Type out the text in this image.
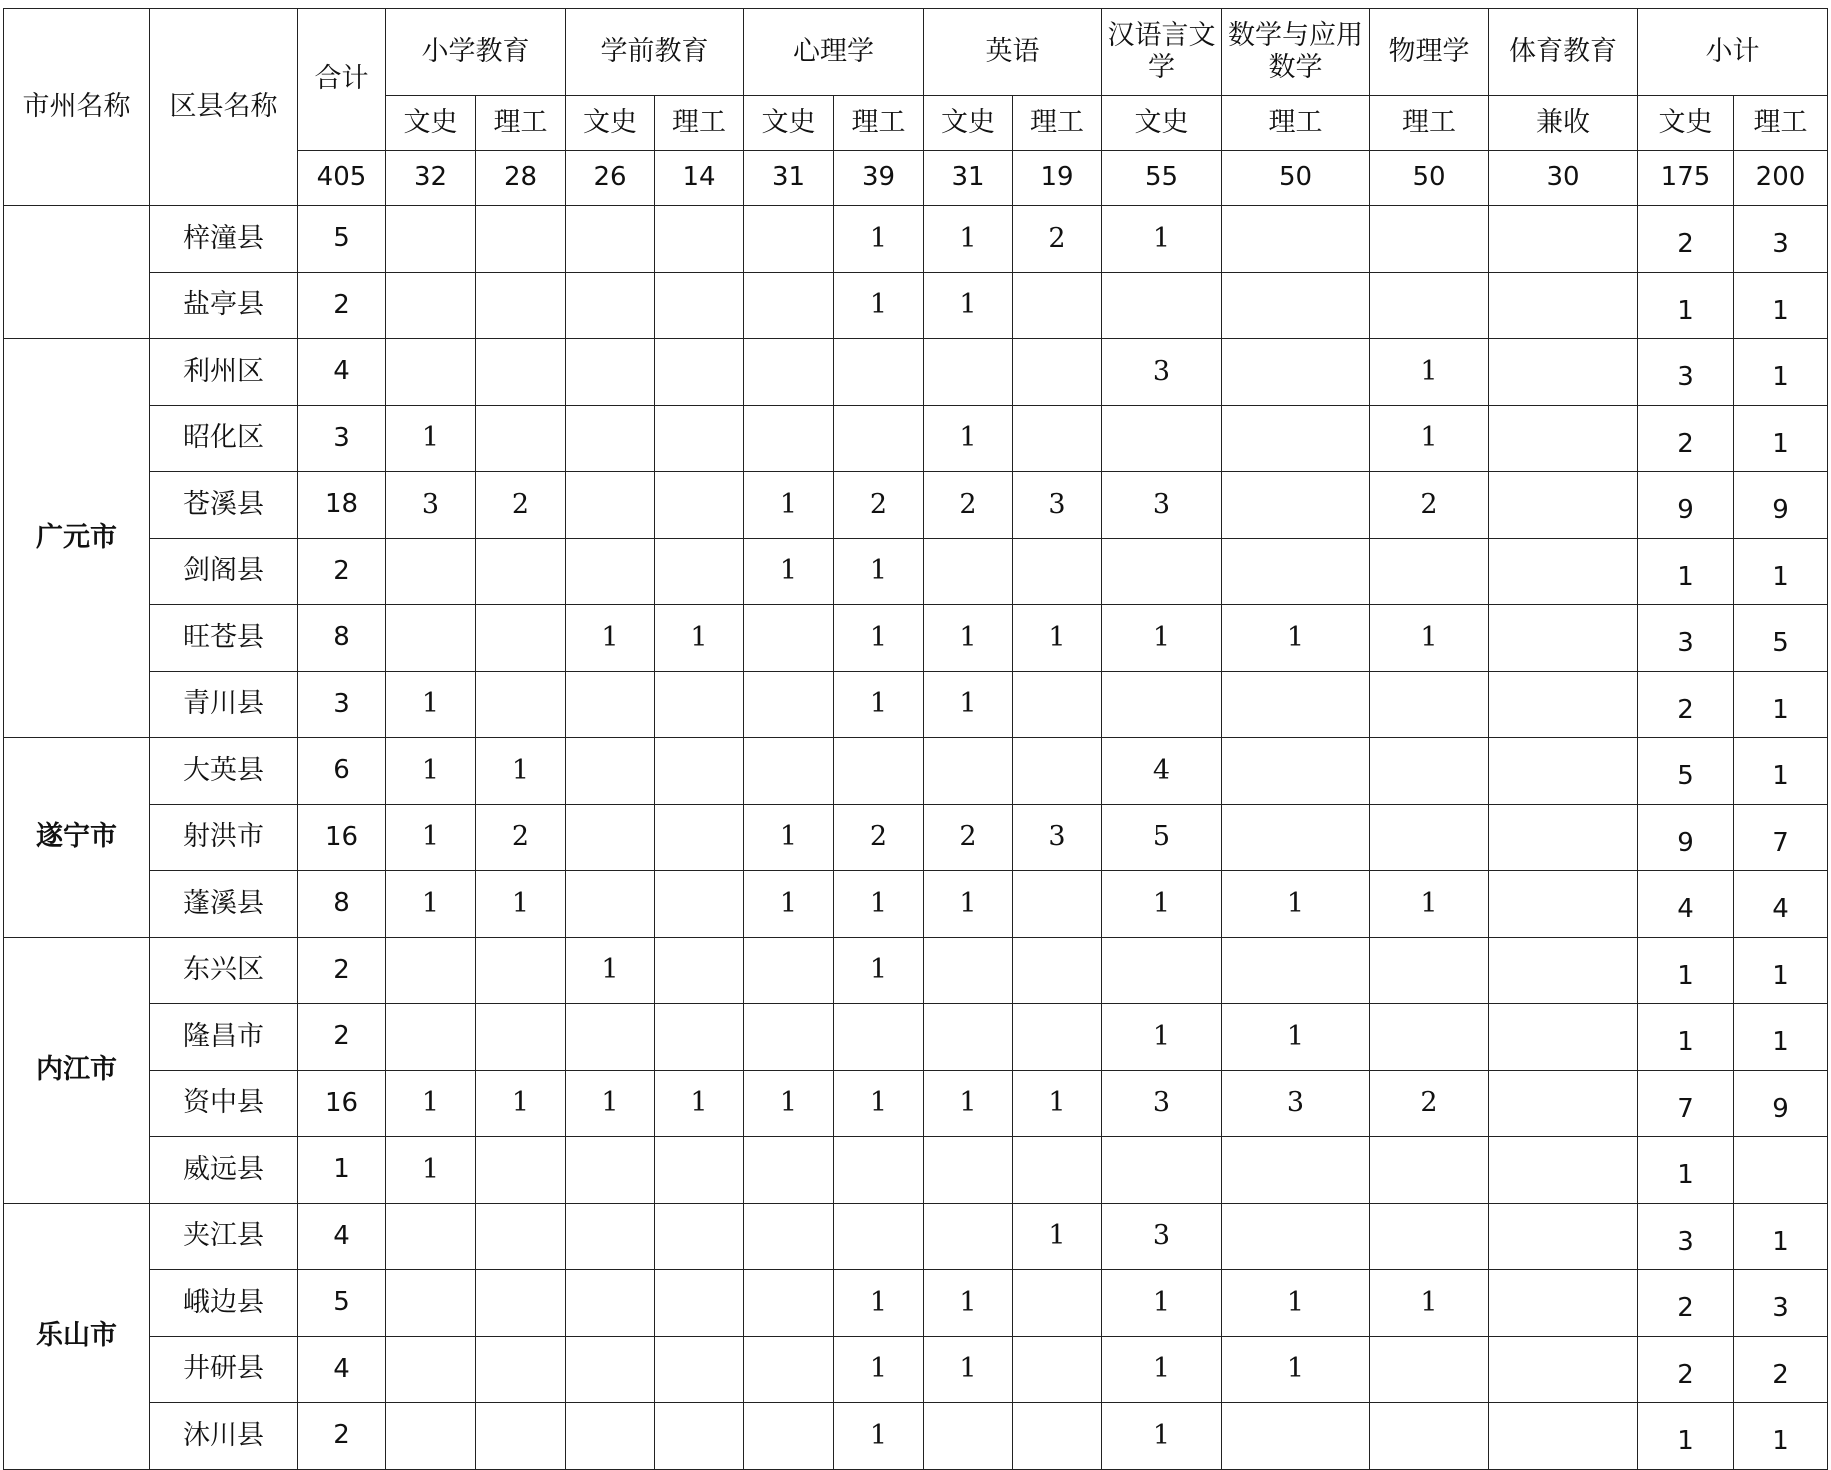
市州名称	区县名称	合计	小学教育		学前教育		心理学		英语		汉语言文学	数学与应用数学	物理学	体育教育	小计	
			文史	理工	文史	理工	文史	理工	文史	理工	文史	理工	理工	兼收	文史	理工
		405	32	28	26	14	31	39	31	19	55	50	50	30	175	200
	梓潼县	5						1	1	2	1				2	3
	盐亭县	2						1	1						1	1
广元市	利州区	4									3		1		3	1
	昭化区	3	1						1				1		2	1
	苍溪县	18	3	2			1	2	2	3	3		2		9	9
	剑阁县	2					1	1							1	1
	旺苍县	8			1	1		1	1	1	1	1	1		3	5
	青川县	3	1					1	1						2	1
遂宁市	大英县	6	1	1							4				5	1
	射洪市	16	1	2			1	2	2	3	5				9	7
	蓬溪县	8	1	1			1	1	1		1	1	1		4	4
内江市	东兴区	2			1			1							1	1
	隆昌市	2									1	1			1	1
	资中县	16	1	1	1	1	1	1	1	1	3	3	2		7	9
	威远县	1	1												1	
乐山市	夹江县	4								1	3				3	1
	峨边县	5						1	1		1	1	1		2	3
	井研县	4						1	1		1	1			2	2
	沐川县	2						1			1				1	1
